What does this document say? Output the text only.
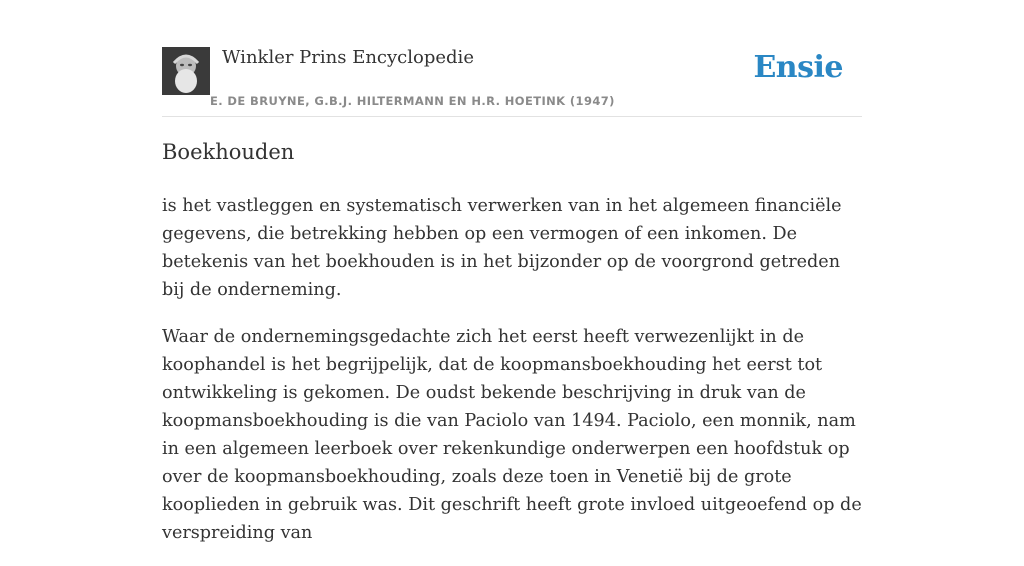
Winkler Prins Encyclopedie
E. DE BRUYNE, G.B.J. HILTERMANN EN H.R. HOETINK (1947)
Ensie
Boekhouden

is het vastleggen en systematisch verwerken van in het algemeen financiële gegevens, die betrekking hebben op een vermogen of een inkomen. De betekenis van het boekhouden is in het bijzonder op de voorgrond getreden bij de onderneming.

Waar de ondernemingsgedachte zich het eerst heeft verwezenlijkt in de koophandel is het begrijpelijk, dat de koopmansboekhouding het eerst tot ontwikkeling is gekomen. De oudst bekende beschrijving in druk van de koopmansboekhouding is die van Paciolo van 1494. Paciolo, een monnik, nam in een algemeen leerboek over rekenkundige onderwerpen een hoofdstuk op over de koopmansboekhouding, zoals deze toen in Venetië bij de grote kooplieden in gebruik was. Dit geschrift heeft grote invloed uitgeoefend op de verspreiding van
